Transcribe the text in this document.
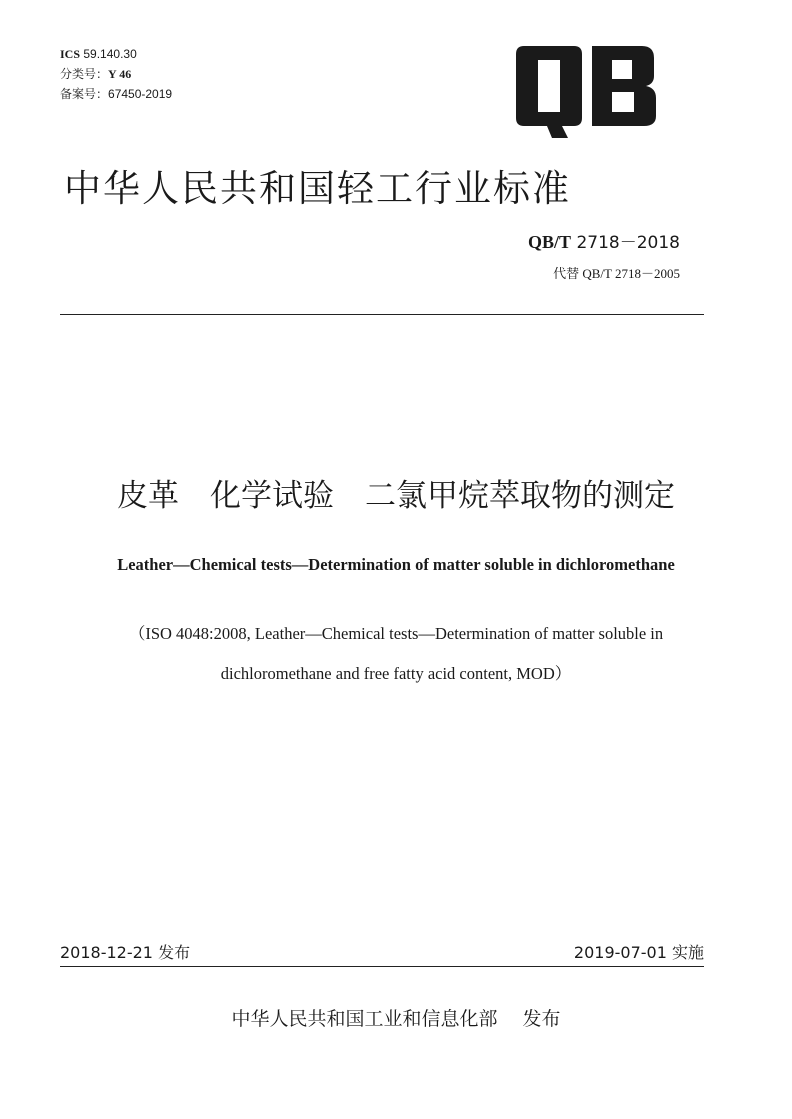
ICS 59.140.30
分类号：Y 46
备案号：67450-2019	QB
中华人民共和国轻工行业标准
QB/T 2718－2018
代替 QB/T 2718－2005
皮革　化学试验　二氯甲烷萃取物的测定
Leather—Chemical tests—Determination of matter soluble in dichloromethane
（ISO 4048:2008, Leather—Chemical tests—Determination of matter soluble in
dichloromethane and free fatty acid content, MOD）
2018-12-21 发布	2019-07-01 实施
中华人民共和国工业和信息化部　 发布
